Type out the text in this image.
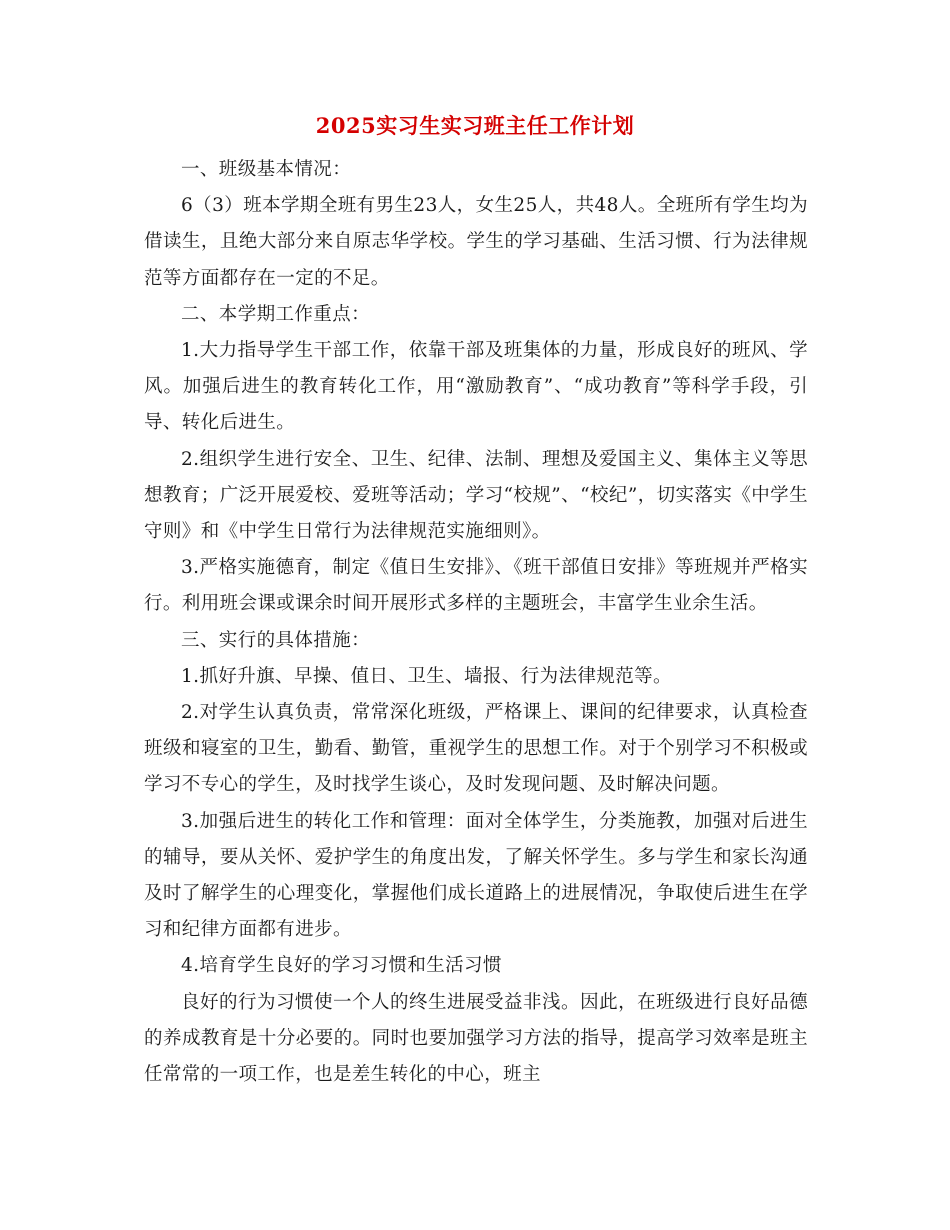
2025实习生实习班主任工作计划

一、班级基本情况：

6（3）班本学期全班有男生23人，女生25人，共48人。全班所有学生均为借读生，且绝大部分来自原志华学校。学生的学习基础、生活习惯、行为法律规范等方面都存在一定的不足。

二、本学期工作重点：

1.大力指导学生干部工作，依靠干部及班集体的力量，形成良好的班风、学风。加强后进生的教育转化工作，用“激励教育”、“成功教育”等科学手段，引导、转化后进生。

2.组织学生进行安全、卫生、纪律、法制、理想及爱国主义、集体主义等思想教育；广泛开展爱校、爱班等活动；学习“校规”、“校纪”，切实落实《中学生守则》和《中学生日常行为法律规范实施细则》。

3.严格实施德育，制定《值日生安排》、《班干部值日安排》等班规并严格实行。利用班会课或课余时间开展形式多样的主题班会，丰富学生业余生活。

三、实行的具体措施：

1.抓好升旗、早操、值日、卫生、墙报、行为法律规范等。

2.对学生认真负责，常常深化班级，严格课上、课间的纪律要求，认真检查班级和寝室的卫生，勤看、勤管，重视学生的思想工作。对于个别学习不积极或学习不专心的学生，及时找学生谈心，及时发现问题、及时解决问题。

3.加强后进生的转化工作和管理：面对全体学生，分类施教，加强对后进生的辅导，要从关怀、爱护学生的角度出发，了解关怀学生。多与学生和家长沟通及时了解学生的心理变化，掌握他们成长道路上的进展情况，争取使后进生在学习和纪律方面都有进步。

4.培育学生良好的学习习惯和生活习惯

良好的行为习惯使一个人的终生进展受益非浅。因此，在班级进行良好品德的养成教育是十分必要的。同时也要加强学习方法的指导，提高学习效率是班主任常常的一项工作，也是差生转化的中心，班主
